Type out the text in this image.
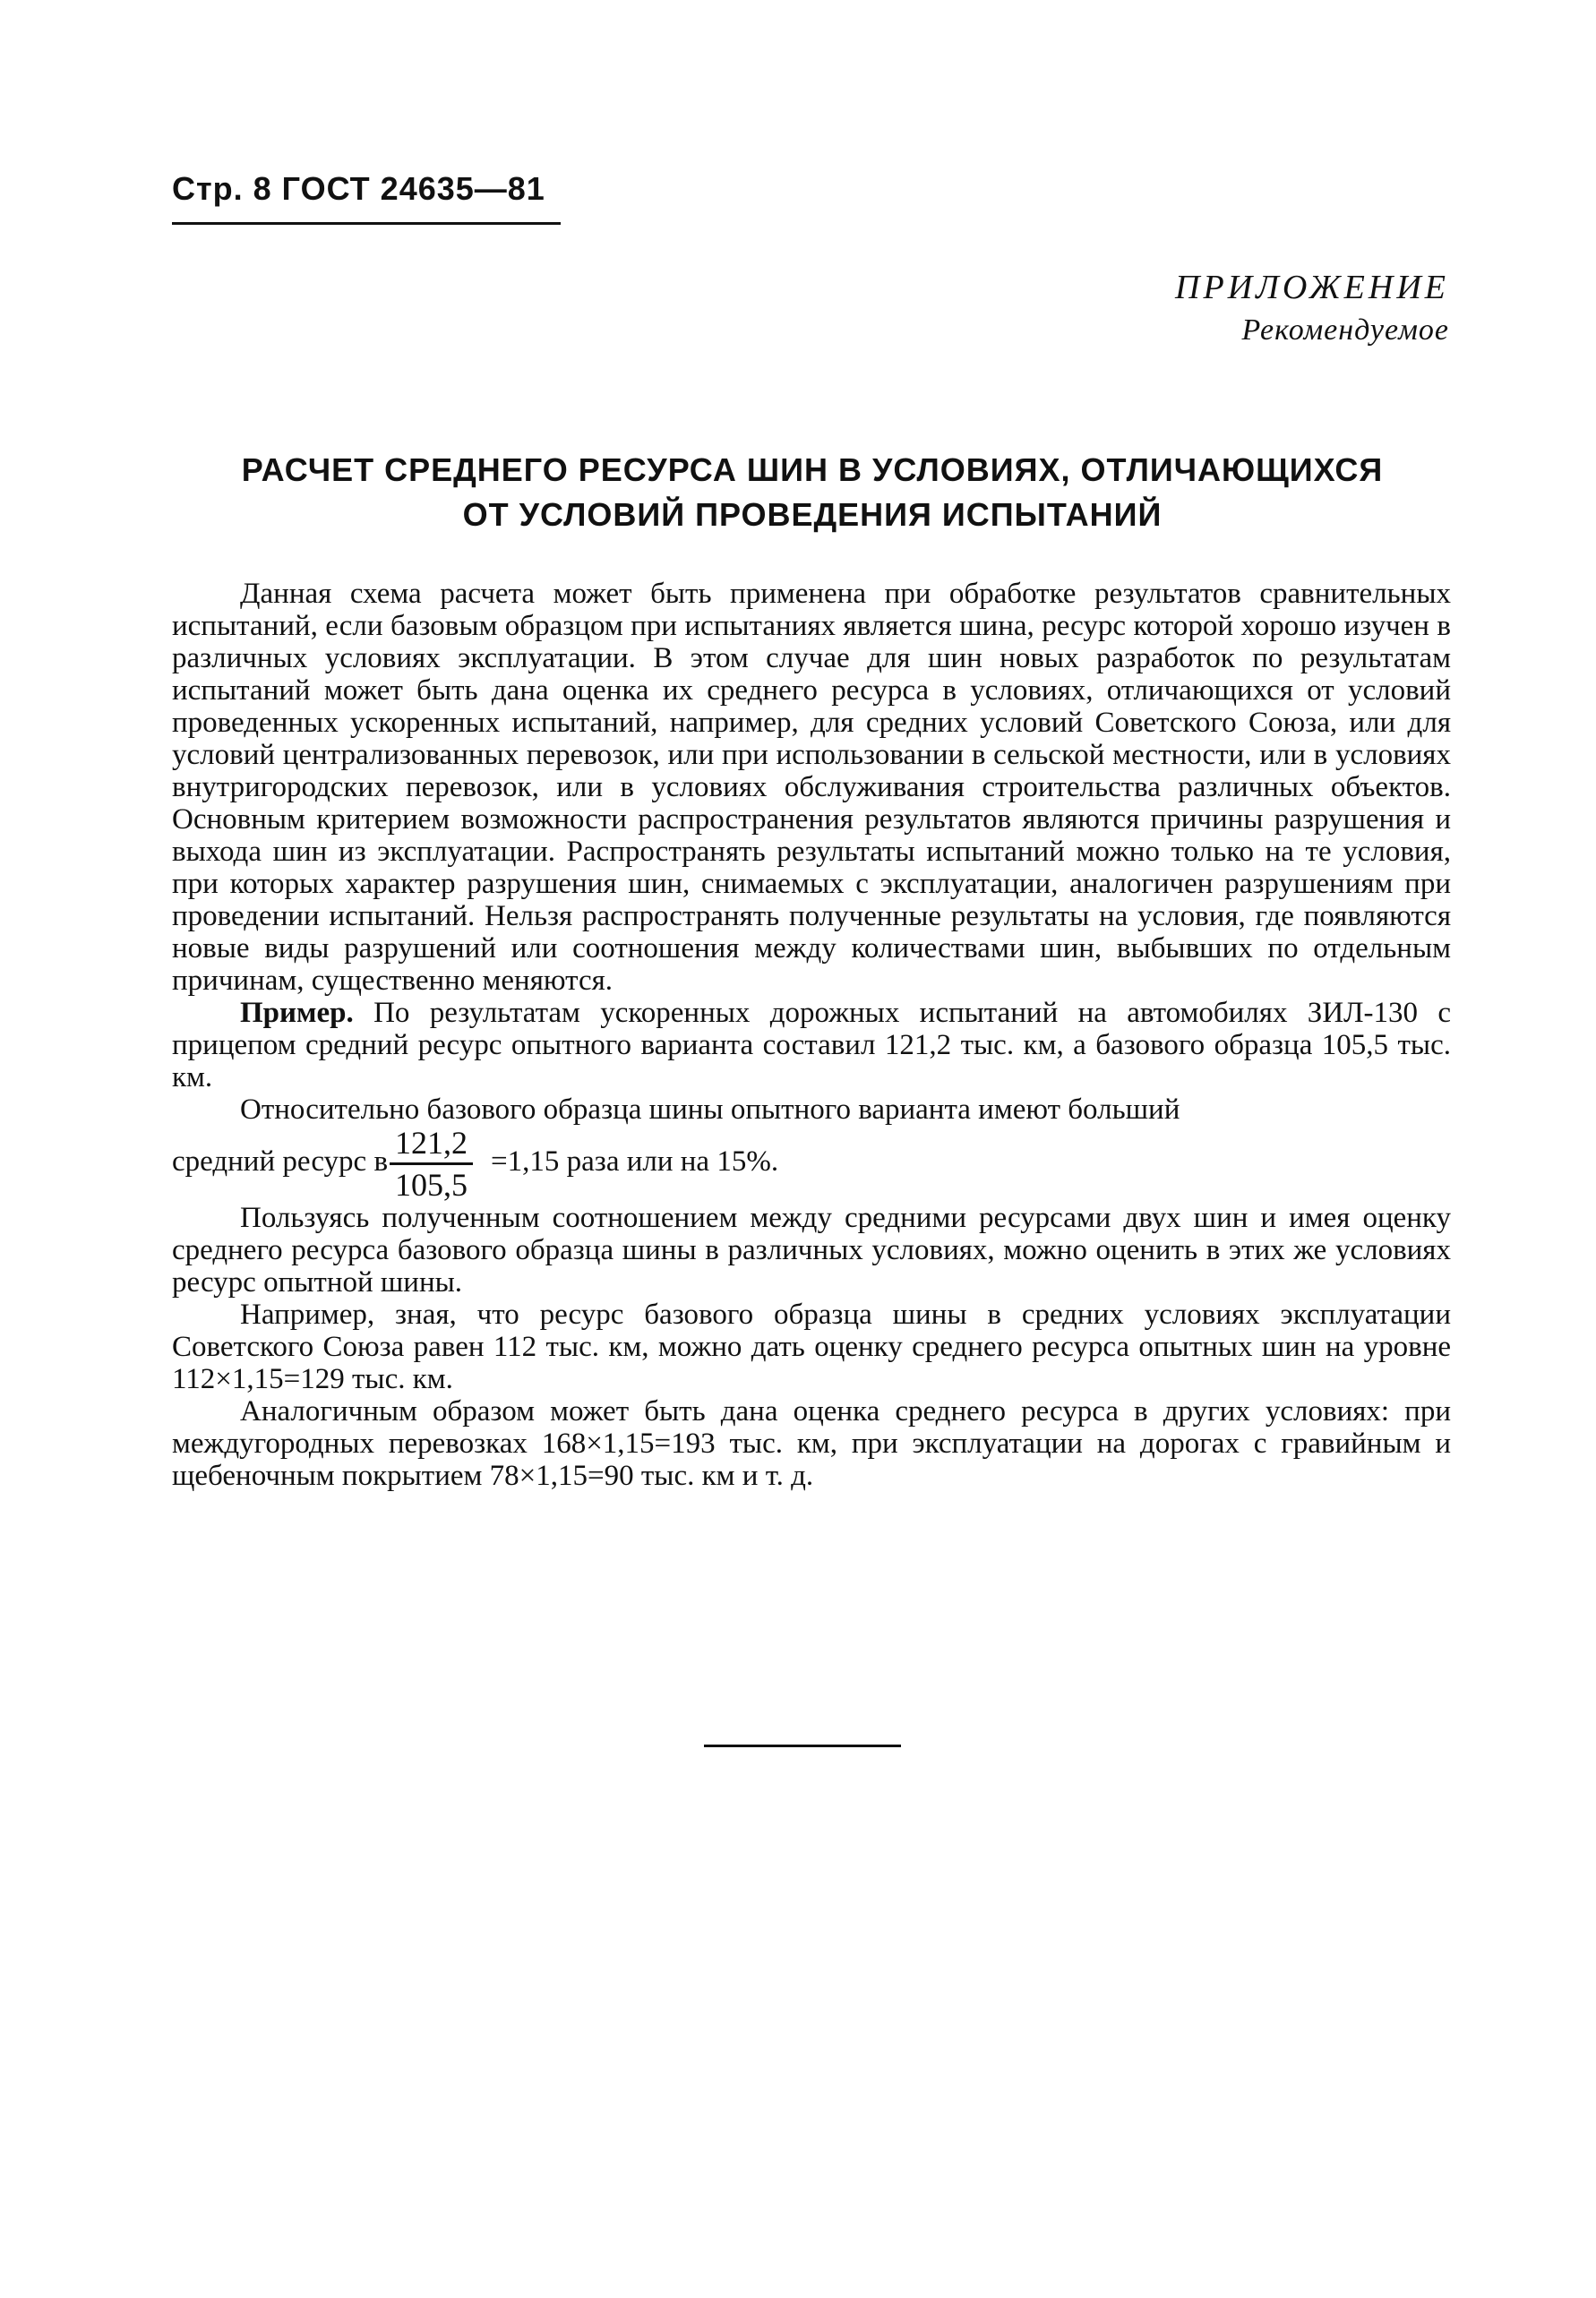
Стр. 8 ГОСТ 24635—81
ПРИЛОЖЕНИЕ
Рекомендуемое
РАСЧЕТ СРЕДНЕГО РЕСУРСА ШИН В УСЛОВИЯХ, ОТЛИЧАЮЩИХСЯ
ОТ УСЛОВИЙ ПРОВЕДЕНИЯ ИСПЫТАНИЙ

Данная схема расчета может быть применена при обработке результатов сравнительных испытаний, если базовым образцом при испытаниях является шина, ресурс которой хорошо изучен в различных условиях эксплуатации. В этом случае для шин новых разработок по результатам испытаний может быть дана оценка их среднего ресурса в условиях, отличающихся от условий проведенных ускоренных испытаний, например, для средних условий Советского Союза, или для условий централизованных перевозок, или при использовании в сельской местности, или в условиях внутригородских перевозок, или в условиях обслуживания строительства различных объектов. Основным критерием возможности распространения результатов являются причины разрушения и выхода шин из эксплуатации. Распространять результаты испытаний можно только на те условия, при которых характер разрушения шин, снимаемых с эксплуатации, аналогичен разрушениям при проведении испытаний. Нельзя распространять полученные результаты на условия, где появляются новые виды разрушений или соотношения между количествами шин, выбывших по отдельным причинам, существенно меняются.

Пример. По результатам ускоренных дорожных испытаний на автомобилях ЗИЛ-130 с прицепом средний ресурс опытного варианта составил 121,2 тыс. км, а базового образца 105,5 тыс. км.

Относительно базового образца шины опытного варианта имеют больший

средний ресурс в $\frac{121,2}{105,5} =1,15$ раза или на 15%.

Пользуясь полученным соотношением между средними ресурсами двух шин и имея оценку среднего ресурса базового образца шины в различных условиях, можно оценить в этих же условиях ресурс опытной шины.

Например, зная, что ресурс базового образца шины в средних условиях эксплуатации Советского Союза равен 112 тыс. км, можно дать оценку среднего ресурса опытных шин на уровне 112×1,15=129 тыс. км.

Аналогичным образом может быть дана оценка среднего ресурса в других условиях: при междугородных перевозках 168×1,15=193 тыс. км, при эксплуатации на дорогах с гравийным и щебеночным покрытием 78×1,15=90 тыс. км и т. д.
